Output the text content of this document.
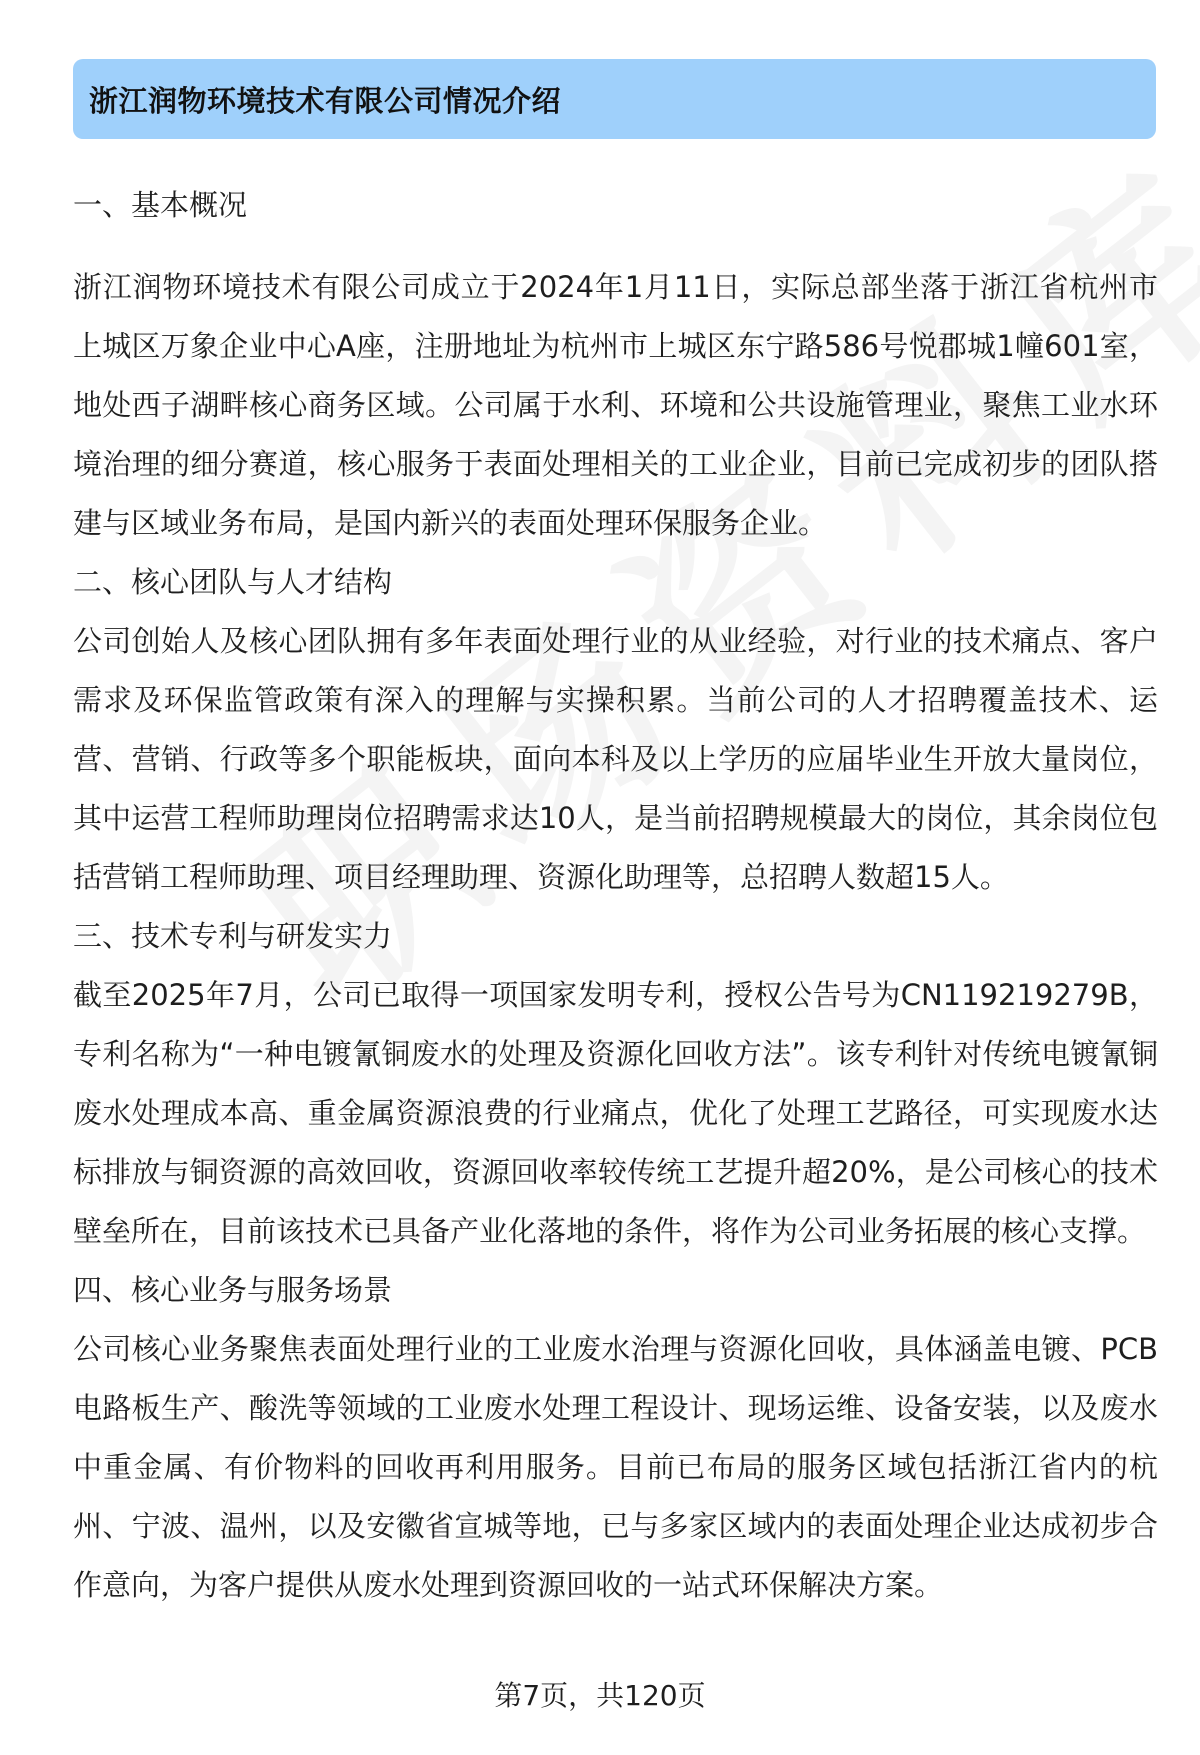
浙江润物环境技术有限公司情况介绍

一、基本概况

浙江润物环境技术有限公司成立于2024年1月11日，实际总部坐落于浙江省杭州市上城区万象企业中心A座，注册地址为杭州市上城区东宁路586号悦郡城1幢601室，地处西子湖畔核心商务区域。公司属于水利、环境和公共设施管理业，聚焦工业水环境治理的细分赛道，核心服务于表面处理相关的工业企业，目前已完成初步的团队搭建与区域业务布局，是国内新兴的表面处理环保服务企业。

二、核心团队与人才结构

公司创始人及核心团队拥有多年表面处理行业的从业经验，对行业的技术痛点、客户需求及环保监管政策有深入的理解与实操积累。当前公司的人才招聘覆盖技术、运营、营销、行政等多个职能板块，面向本科及以上学历的应届毕业生开放大量岗位，其中运营工程师助理岗位招聘需求达10人，是当前招聘规模最大的岗位，其余岗位包括营销工程师助理、项目经理助理、资源化助理等，总招聘人数超15人。

三、技术专利与研发实力

截至2025年7月，公司已取得一项国家发明专利，授权公告号为CN119219279B，专利名称为“一种电镀氰铜废水的处理及资源化回收方法”。该专利针对传统电镀氰铜废水处理成本高、重金属资源浪费的行业痛点，优化了处理工艺路径，可实现废水达标排放与铜资源的高效回收，资源回收率较传统工艺提升超20%，是公司核心的技术壁垒所在，目前该技术已具备产业化落地的条件，将作为公司业务拓展的核心支撑。

四、核心业务与服务场景

公司核心业务聚焦表面处理行业的工业废水治理与资源化回收，具体涵盖电镀、PCB电路板生产、酸洗等领域的工业废水处理工程设计、现场运维、设备安装，以及废水中重金属、有价物料的回收再利用服务。目前已布局的服务区域包括浙江省内的杭州、宁波、温州，以及安徽省宣城等地，已与多家区域内的表面处理企业达成初步合作意向，为客户提供从废水处理到资源回收的一站式环保解决方案。

第7页，共120页
